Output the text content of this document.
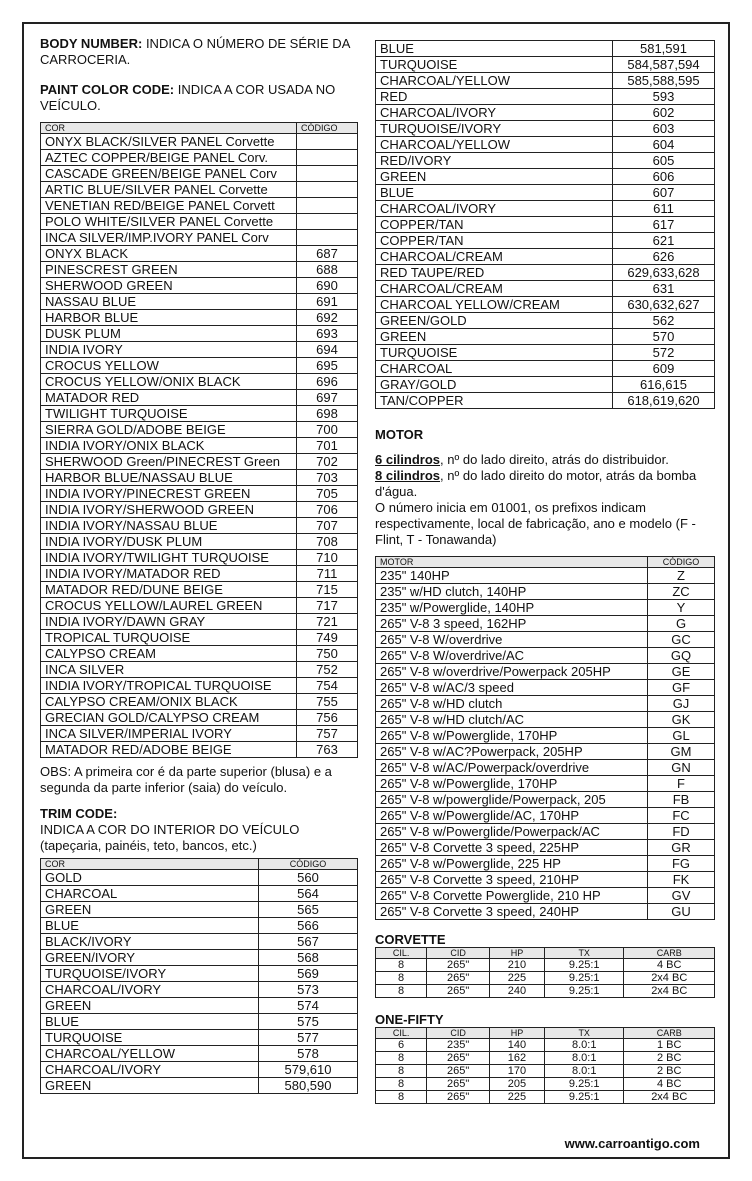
BODY NUMBER: INDICA O NÚMERO DE SÉRIE DA CARROCERIA.

PAINT COLOR CODE: INDICA A COR USADA NO VEÍCULO.

COR	CÓDIGO
ONYX BLACK/SILVER PANEL Corvette	
AZTEC COPPER/BEIGE PANEL Corv.	
CASCADE GREEN/BEIGE PANEL Corv	
ARTIC BLUE/SILVER PANEL Corvette	
VENETIAN RED/BEIGE PANEL Corvett	
POLO WHITE/SILVER PANEL Corvette	
INCA SILVER/IMP.IVORY PANEL Corv	
ONYX BLACK	687
PINESCREST GREEN	688
SHERWOOD GREEN	690
NASSAU BLUE	691
HARBOR BLUE	692
DUSK PLUM	693
INDIA IVORY	694
CROCUS YELLOW	695
CROCUS YELLOW/ONIX BLACK	696
MATADOR RED	697
TWILIGHT TURQUOISE	698
SIERRA GOLD/ADOBE BEIGE	700
INDIA IVORY/ONIX BLACK	701
SHERWOOD Green/PINECREST Green	702
HARBOR BLUE/NASSAU BLUE	703
INDIA IVORY/PINECREST GREEN	705
INDIA IVORY/SHERWOOD GREEN	706
INDIA IVORY/NASSAU BLUE	707
INDIA IVORY/DUSK PLUM	708
INDIA IVORY/TWILIGHT TURQUOISE	710
INDIA IVORY/MATADOR RED	711
MATADOR RED/DUNE BEIGE	715
CROCUS YELLOW/LAUREL GREEN	717
INDIA IVORY/DAWN GRAY	721
TROPICAL TURQUOISE	749
CALYPSO CREAM	750
INCA SILVER	752
INDIA IVORY/TROPICAL TURQUOISE	754
CALYPSO CREAM/ONIX BLACK	755
GRECIAN GOLD/CALYPSO CREAM	756
INCA SILVER/IMPERIAL IVORY	757
MATADOR RED/ADOBE BEIGE	763

OBS: A primeira cor é da parte superior (blusa) e a segunda da parte inferior (saia) do veículo.

TRIM CODE:

INDICA A COR DO INTERIOR DO VEÍCULO (tapeçaria, painéis, teto, bancos, etc.)

COR	CÓDIGO
GOLD	560
CHARCOAL	564
GREEN	565
BLUE	566
BLACK/IVORY	567
GREEN/IVORY	568
TURQUOISE/IVORY	569
CHARCOAL/IVORY	573
GREEN	574
BLUE	575
TURQUOISE	577
CHARCOAL/YELLOW	578
CHARCOAL/IVORY	579,610
GREEN	580,590
BLUE	581,591
TURQUOISE	584,587,594
CHARCOAL/YELLOW	585,588,595
RED	593
CHARCOAL/IVORY	602
TURQUOISE/IVORY	603
CHARCOAL/YELLOW	604
RED/IVORY	605
GREEN	606
BLUE	607
CHARCOAL/IVORY	611
COPPER/TAN	617
COPPER/TAN	621
CHARCOAL/CREAM	626
RED TAUPE/RED	629,633,628
CHARCOAL/CREAM	631
CHARCOAL YELLOW/CREAM	630,632,627
GREEN/GOLD	562
GREEN	570
TURQUOISE	572
CHARCOAL	609
GRAY/GOLD	616,615
TAN/COPPER	618,619,620

MOTOR

6 cilindros, nº do lado direito, atrás do distribuidor.

8 cilindros, nº do lado direito do motor, atrás da bomba d'água.

O número inicia em 01001, os prefixos indicam respectivamente, local de fabricação, ano e modelo (F - Flint, T - Tonawanda)

MOTOR	CÓDIGO
235" 140HP	Z
235" w/HD clutch, 140HP	ZC
235" w/Powerglide, 140HP	Y
265" V-8 3 speed, 162HP	G
265" V-8 W/overdrive	GC
265" V-8 W/overdrive/AC	GQ
265" V-8 w/overdrive/Powerpack 205HP	GE
265" V-8 w/AC/3 speed	GF
265" V-8 w/HD clutch	GJ
265" V-8 w/HD clutch/AC	GK
265" V-8 w/Powerglide, 170HP	GL
265" V-8 w/AC?Powerpack, 205HP	GM
265" V-8 w/AC/Powerpack/overdrive	GN
265" V-8 w/Powerglide, 170HP	F
265" V-8 w/powerglide/Powerpack, 205	FB
265" V-8 w/Powerglide/AC, 170HP	FC
265" V-8 w/Powerglide/Powerpack/AC	FD
265" V-8 Corvette 3 speed, 225HP	GR
265" V-8 w/Powerglide, 225 HP	FG
265" V-8 Corvette 3 speed, 210HP	FK
265" V-8 Corvette Powerglide, 210 HP	GV
265" V-8 Corvette 3 speed, 240HP	GU

CORVETTE

CIL.	CID	HP	TX	CARB
8	265"	210	9.25:1	4 BC
8	265"	225	9.25:1	2x4 BC
8	265"	240	9.25:1	2x4 BC

ONE-FIFTY

CIL.	CID	HP	TX	CARB
6	235"	140	8.0:1	1 BC
8	265"	162	8.0:1	2 BC
8	265"	170	8.0:1	2 BC
8	265"	205	9.25:1	4 BC
8	265"	225	9.25:1	2x4 BC
www.carroantigo.com
